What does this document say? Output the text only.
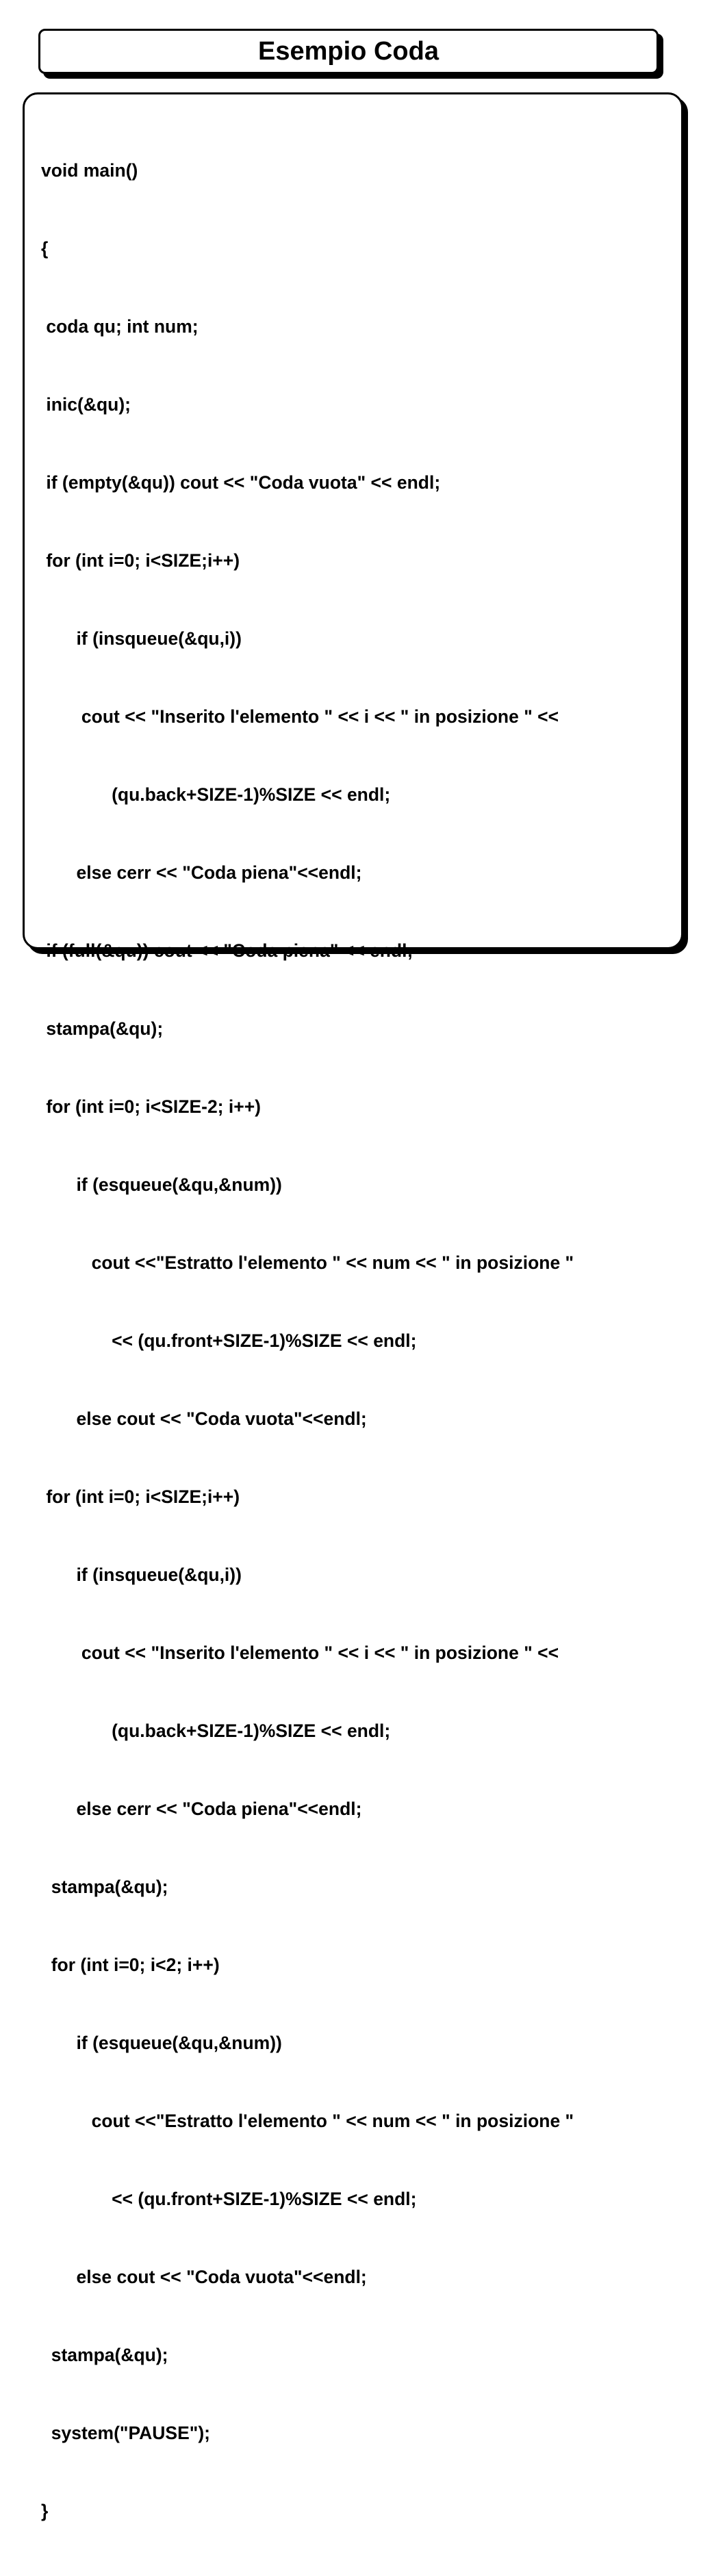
Esempio Coda

void main()

{

coda qu; int num;

inic(&qu);

if (empty(&qu)) cout << "Coda vuota" << endl;

for (int i=0; i<SIZE;i++)

if (insqueue(&qu,i))

cout << "Inserito l'elemento " << i << " in posizione " <<

(qu.back+SIZE-1)%SIZE << endl;

else cerr << "Coda piena"<<endl;

if (full(&qu)) cout << "Coda piena" << endl;

stampa(&qu);

for (int i=0; i<SIZE-2; i++)

if (esqueue(&qu,&num))

cout <<"Estratto l'elemento " << num << " in posizione "

<< (qu.front+SIZE-1)%SIZE << endl;

else cout << "Coda vuota"<<endl;

for (int i=0; i<SIZE;i++)

if (insqueue(&qu,i))

cout << "Inserito l'elemento " << i << " in posizione " <<

(qu.back+SIZE-1)%SIZE << endl;

else cerr << "Coda piena"<<endl;

stampa(&qu);

for (int i=0; i<2; i++)

if (esqueue(&qu,&num))

cout <<"Estratto l'elemento " << num << " in posizione "

<< (qu.front+SIZE-1)%SIZE << endl;

else cout << "Coda vuota"<<endl;

stampa(&qu);

system("PAUSE");

}
